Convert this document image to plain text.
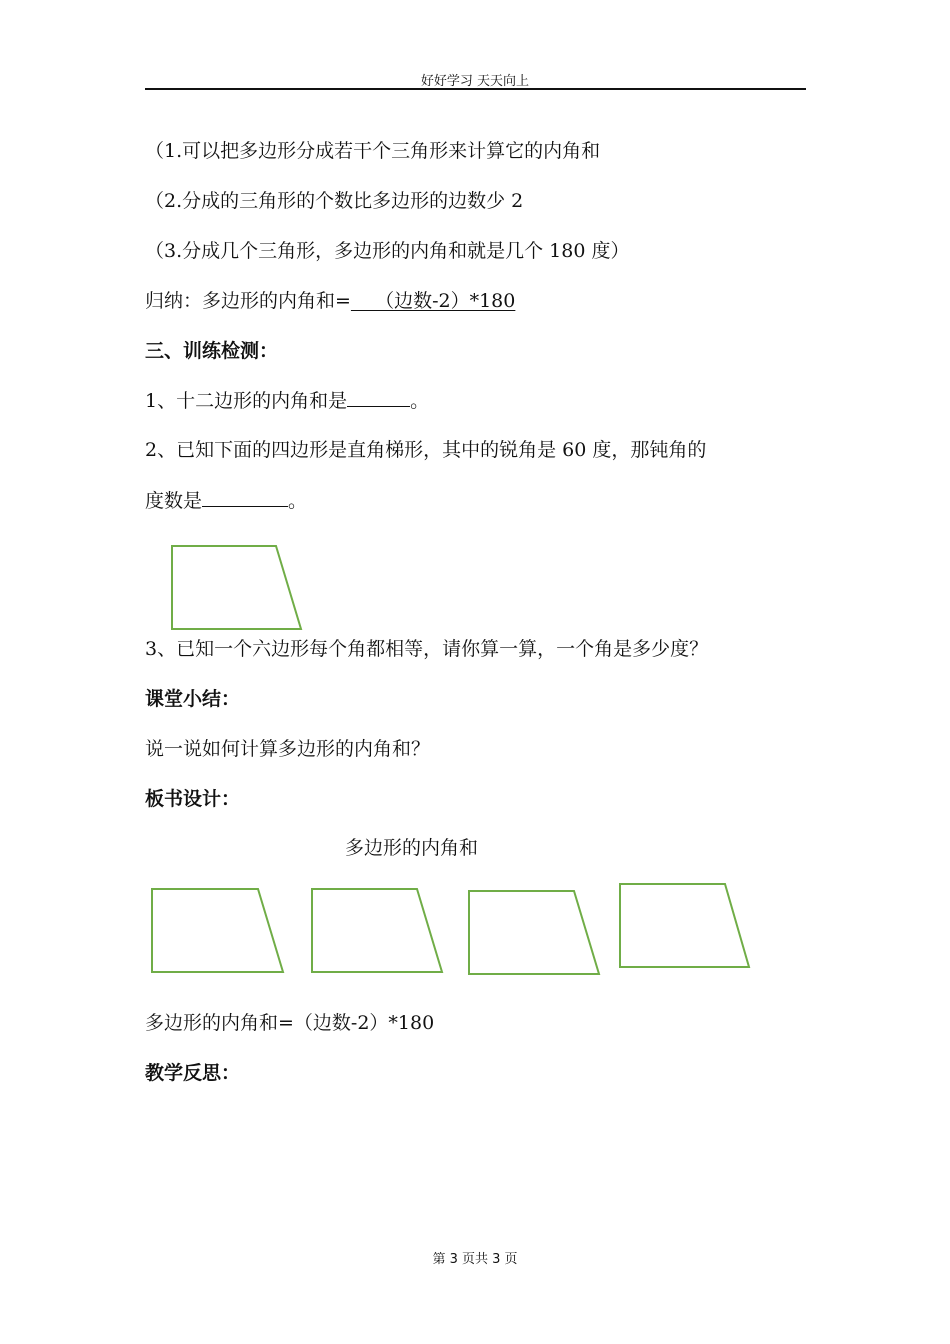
好好学习 天天向上
（1.可以把多边形分成若干个三角形来计算它的内角和
（2.分成的三角形的个数比多边形的边数少 2
（3.分成几个三角形，多边形的内角和就是几个 180 度）
归纳：多边形的内角和=    （边数-2）*180
三、训练检测：
1、十二边形的内角和是	。
2、已知下面的四边形是直角梯形，其中的锐角是 60 度，那钝角的
度数是	。
3、已知一个六边形每个角都相等，请你算一算，一个角是多少度？
课堂小结：
说一说如何计算多边形的内角和？
板书设计：
多边形的内角和
多边形的内角和=（边数-2）*180
教学反思：
第 3 页共 3 页
